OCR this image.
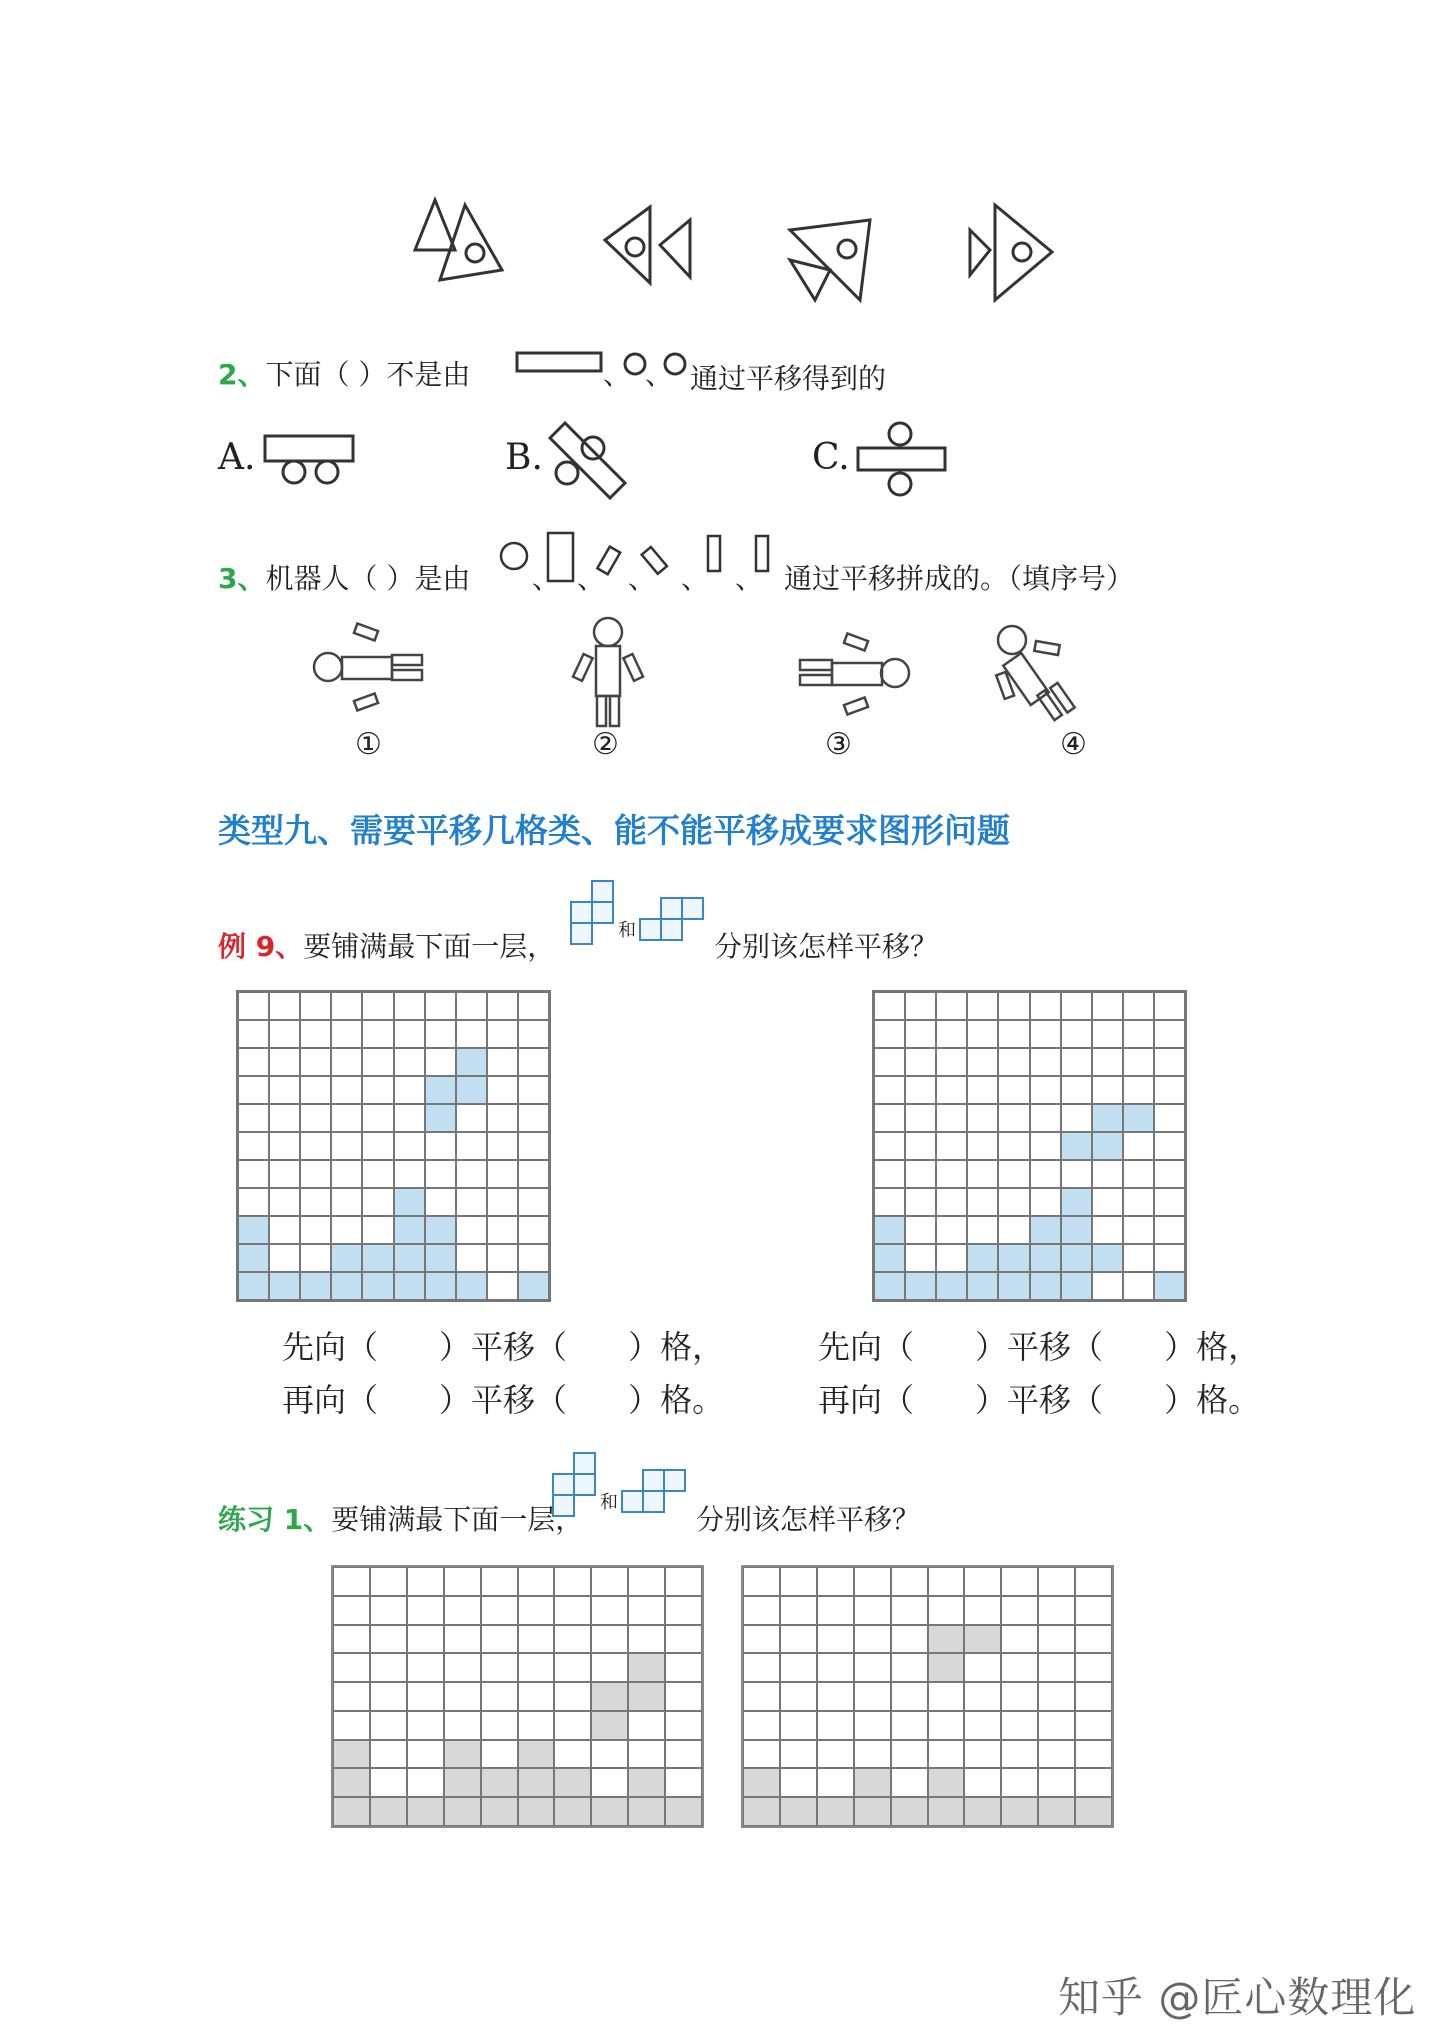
2、下面（ ）不是由	、 、 通过平移得到的
A.	B.	C.
3、机器人（ ）是由 、 、 、 、 、 通过平移拼成的。（填序号）
①	②	③	④
类型九、需要平移几格类、能不能平移成要求图形问题
和
例 9、要铺满最下面一层，	分别该怎样平移？
先向（      ）平移（      ）格，
再向（      ）平移（      ）格。
先向（      ）平移（      ）格，
再向（      ）平移（      ）格。
和
练习 1、要铺满最下面一层，	分别该怎样平移？
知乎 @匠心数理化
